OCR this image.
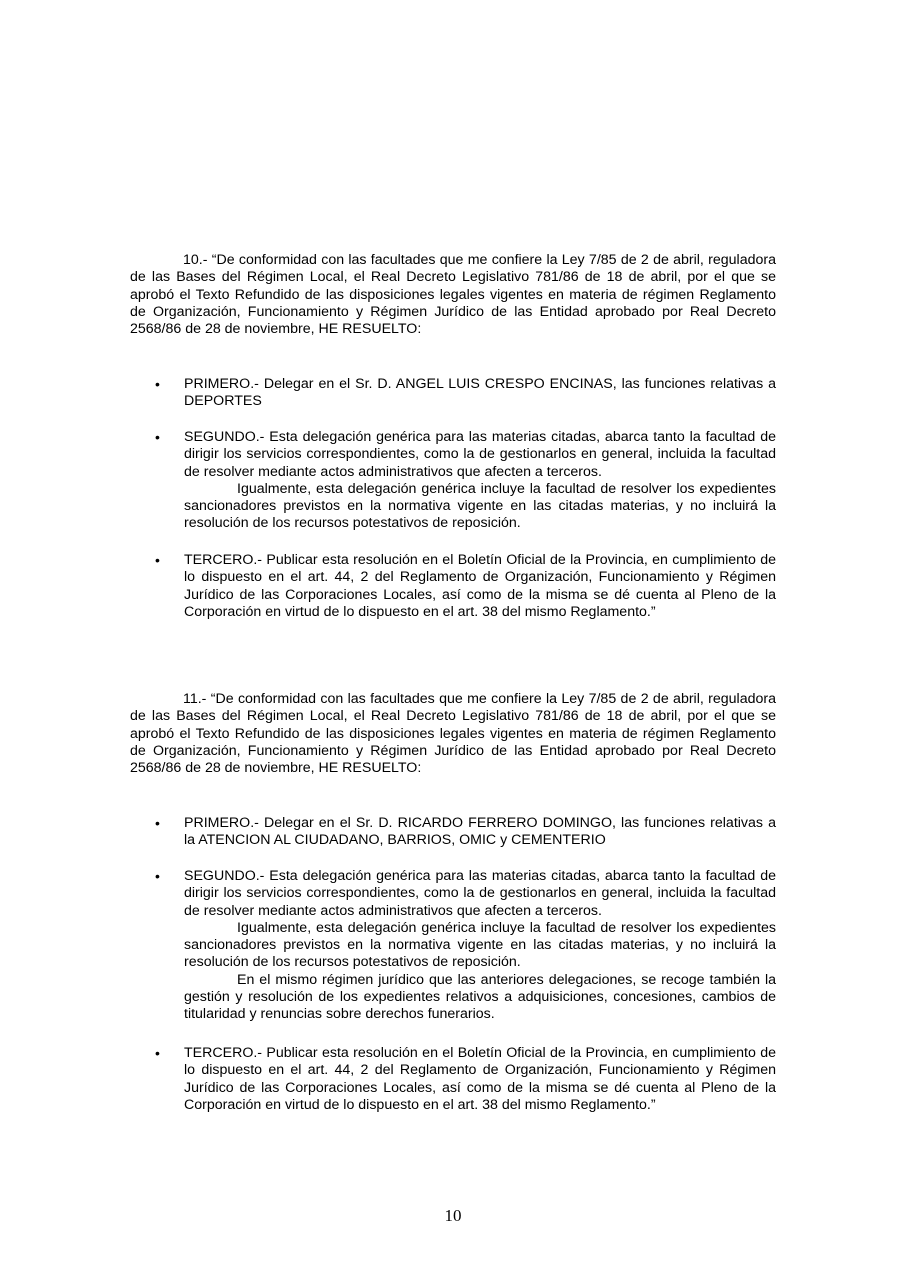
10.- “De conformidad con las facultades que me confiere la Ley 7/85 de 2 de abril, reguladora de las Bases del Régimen Local, el Real Decreto Legislativo 781/86 de 18 de abril, por el que se aprobó el Texto Refundido de las disposiciones legales vigentes en materia de régimen Reglamento de Organización, Funcionamiento y Régimen Jurídico de las Entidad aprobado por Real Decreto 2568/86 de 28 de noviembre, HE RESUELTO:

• PRIMERO.- Delegar en el Sr. D. ANGEL LUIS CRESPO ENCINAS, las funciones relativas a DEPORTES

• SEGUNDO.- Esta delegación genérica para las materias citadas, abarca tanto la facultad de dirigir los servicios correspondientes, como la de gestionarlos en general, incluida la facultad de resolver mediante actos administrativos que afecten a terceros.

Igualmente, esta delegación genérica incluye la facultad de resolver los expedientes sancionadores previstos en la normativa vigente en las citadas materias, y no incluirá la resolución de los recursos potestativos de reposición.

• TERCERO.- Publicar esta resolución en el Boletín Oficial de la Provincia, en cumplimiento de lo dispuesto en el art. 44, 2 del Reglamento de Organización, Funcionamiento y Régimen Jurídico de las Corporaciones Locales, así como de la misma se dé cuenta al Pleno de la Corporación en virtud de lo dispuesto en el art. 38 del mismo Reglamento.”

11.- “De conformidad con las facultades que me confiere la Ley 7/85 de 2 de abril, reguladora de las Bases del Régimen Local, el Real Decreto Legislativo 781/86 de 18 de abril, por el que se aprobó el Texto Refundido de las disposiciones legales vigentes en materia de régimen Reglamento de Organización, Funcionamiento y Régimen Jurídico de las Entidad aprobado por Real Decreto 2568/86 de 28 de noviembre, HE RESUELTO:

• PRIMERO.- Delegar en el Sr. D. RICARDO FERRERO DOMINGO, las funciones relativas a la ATENCION AL CIUDADANO, BARRIOS, OMIC y CEMENTERIO

• SEGUNDO.- Esta delegación genérica para las materias citadas, abarca tanto la facultad de dirigir los servicios correspondientes, como la de gestionarlos en general, incluida la facultad de resolver mediante actos administrativos que afecten a terceros.

Igualmente, esta delegación genérica incluye la facultad de resolver los expedientes sancionadores previstos en la normativa vigente en las citadas materias, y no incluirá la resolución de los recursos potestativos de reposición.

En el mismo régimen jurídico que las anteriores delegaciones, se recoge también la gestión y resolución de los expedientes relativos a adquisiciones, concesiones, cambios de titularidad y renuncias sobre derechos funerarios.

• TERCERO.- Publicar esta resolución en el Boletín Oficial de la Provincia, en cumplimiento de lo dispuesto en el art. 44, 2 del Reglamento de Organización, Funcionamiento y Régimen Jurídico de las Corporaciones Locales, así como de la misma se dé cuenta al Pleno de la Corporación en virtud de lo dispuesto en el art. 38 del mismo Reglamento.”

10
